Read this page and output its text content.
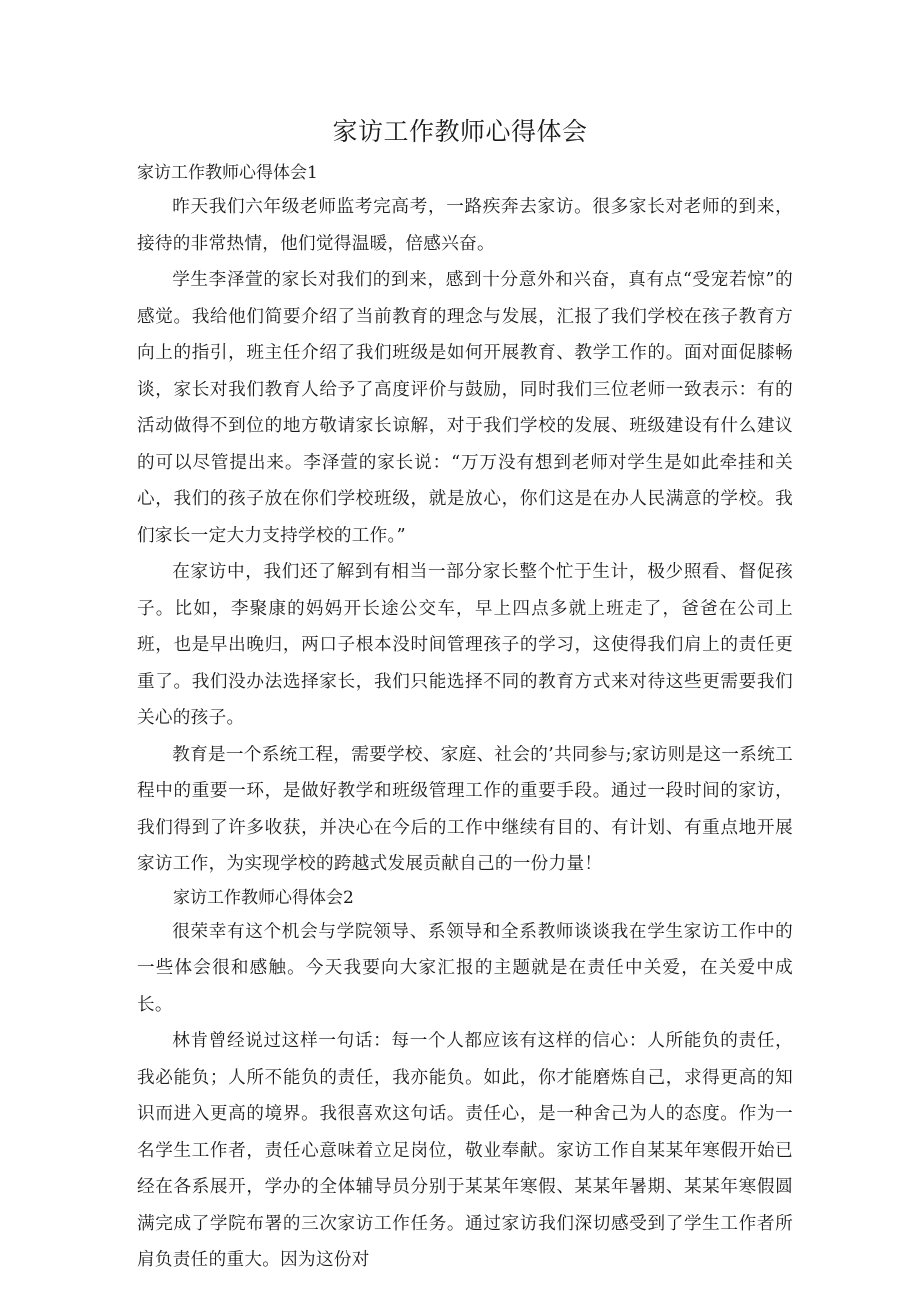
家访工作教师心得体会

家访工作教师心得体会1

昨天我们六年级老师监考完高考，一路疾奔去家访。很多家长对老师的到来，接待的非常热情，他们觉得温暖，倍感兴奋。

学生李泽萱的家长对我们的到来，感到十分意外和兴奋，真有点“受宠若惊”的感觉。我给他们简要介绍了当前教育的理念与发展，汇报了我们学校在孩子教育方向上的指引，班主任介绍了我们班级是如何开展教育、教学工作的。面对面促膝畅谈，家长对我们教育人给予了高度评价与鼓励，同时我们三位老师一致表示：有的活动做得不到位的地方敬请家长谅解，对于我们学校的发展、班级建设有什么建议的可以尽管提出来。李泽萱的家长说：“万万没有想到老师对学生是如此牵挂和关心，我们的孩子放在你们学校班级，就是放心，你们这是在办人民满意的学校。我们家长一定大力支持学校的工作。”

在家访中，我们还了解到有相当一部分家长整个忙于生计，极少照看、督促孩子。比如，李聚康的妈妈开长途公交车，早上四点多就上班走了，爸爸在公司上班，也是早出晚归，两口子根本没时间管理孩子的学习，这使得我们肩上的责任更重了。我们没办法选择家长，我们只能选择不同的教育方式来对待这些更需要我们关心的孩子。

教育是一个系统工程，需要学校、家庭、社会的’共同参与;家访则是这一系统工程中的重要一环，是做好教学和班级管理工作的重要手段。通过一段时间的家访，我们得到了许多收获，并决心在今后的工作中继续有目的、有计划、有重点地开展家访工作，为实现学校的跨越式发展贡献自己的一份力量！

家访工作教师心得体会2

很荣幸有这个机会与学院领导、系领导和全系教师谈谈我在学生家访工作中的一些体会很和感触。今天我要向大家汇报的主题就是在责任中关爱，在关爱中成长。

林肯曾经说过这样一句话：每一个人都应该有这样的信心：人所能负的责任，我必能负；人所不能负的责任，我亦能负。如此，你才能磨炼自己，求得更高的知识而进入更高的境界。我很喜欢这句话。责任心，是一种舍己为人的态度。作为一名学生工作者，责任心意味着立足岗位，敬业奉献。家访工作自某某年寒假开始已经在各系展开，学办的全体辅导员分别于某某年寒假、某某年暑期、某某年寒假圆满完成了学院布署的三次家访工作任务。通过家访我们深切感受到了学生工作者所肩负责任的重大。因为这份对
